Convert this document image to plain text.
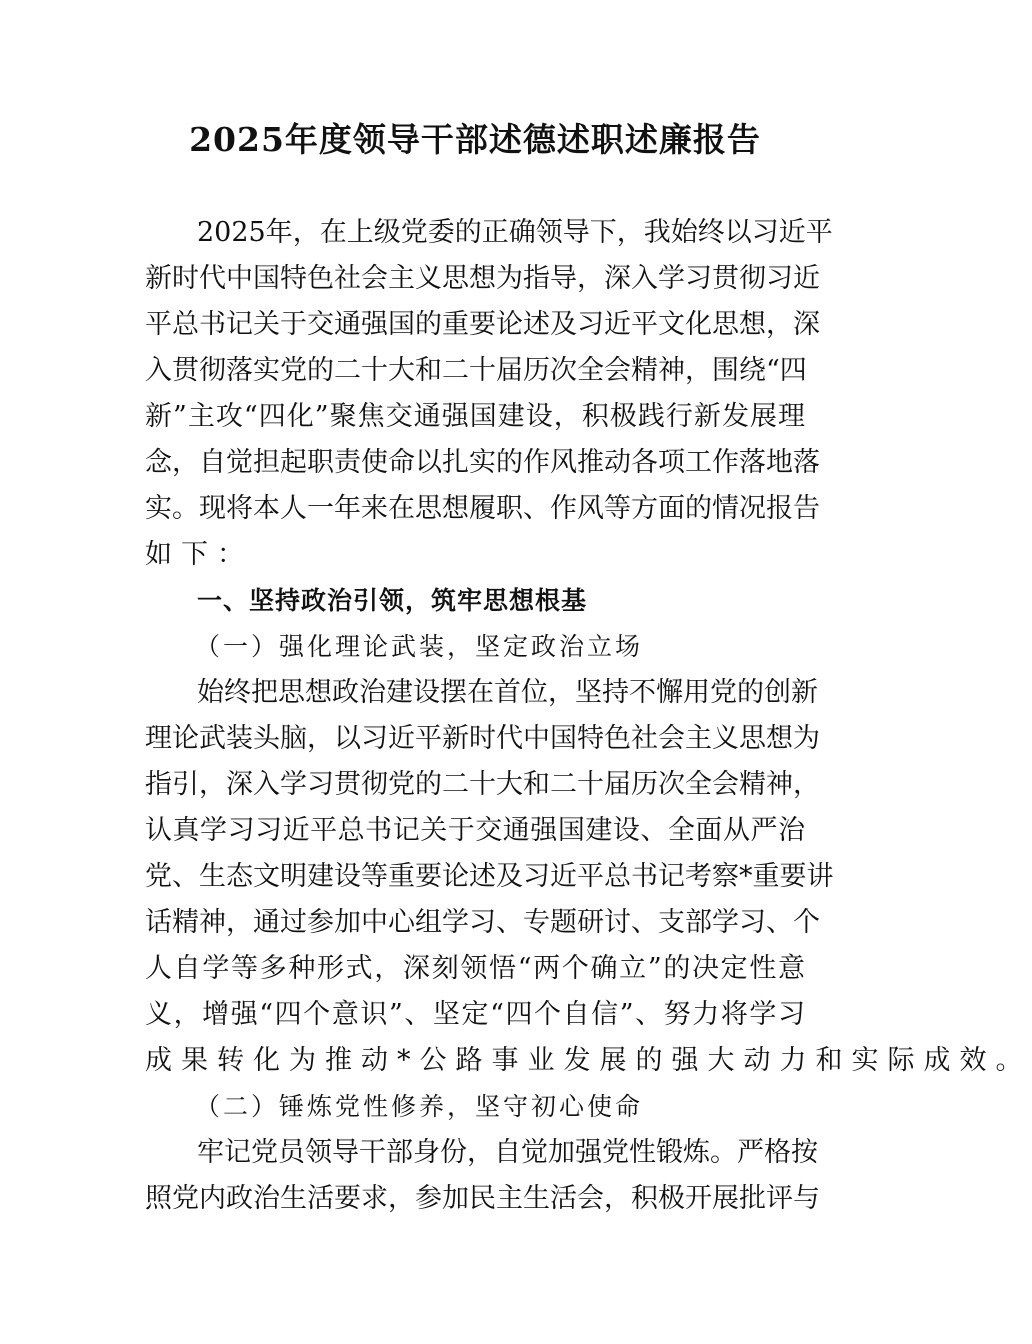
2025年度领导干部述德述职述廉报告
2025年，在上级党委的正确领导下，我始终以习近平
新时代中国特色社会主义思想为指导，深入学习贯彻习近
平总书记关于交通强国的重要论述及习近平文化思想，深
入贯彻落实党的二十大和二十届历次全会精神，围绕“四
新”主攻“四化”聚焦交通强国建设，积极践行新发展理
念，自觉担起职责使命以扎实的作风推动各项工作落地落
实。现将本人一年来在思想履职、作风等方面的情况报告
如下：
一、坚持政治引领，筑牢思想根基
（一）强化理论武装，坚定政治立场
始终把思想政治建设摆在首位，坚持不懈用党的创新
理论武装头脑，以习近平新时代中国特色社会主义思想为
指引，深入学习贯彻党的二十大和二十届历次全会精神，
认真学习习近平总书记关于交通强国建设、全面从严治
党、生态文明建设等重要论述及习近平总书记考察*重要讲
话精神，通过参加中心组学习、专题研讨、支部学习、个
人自学等多种形式，深刻领悟“两个确立”的决定性意
义，增强“四个意识”、坚定“四个自信”、努力将学习
成果转化为推动*公路事业发展的强大动力和实际成效。
（二）锤炼党性修养，坚守初心使命
牢记党员领导干部身份，自觉加强党性锻炼。严格按
照党内政治生活要求，参加民主生活会，积极开展批评与
